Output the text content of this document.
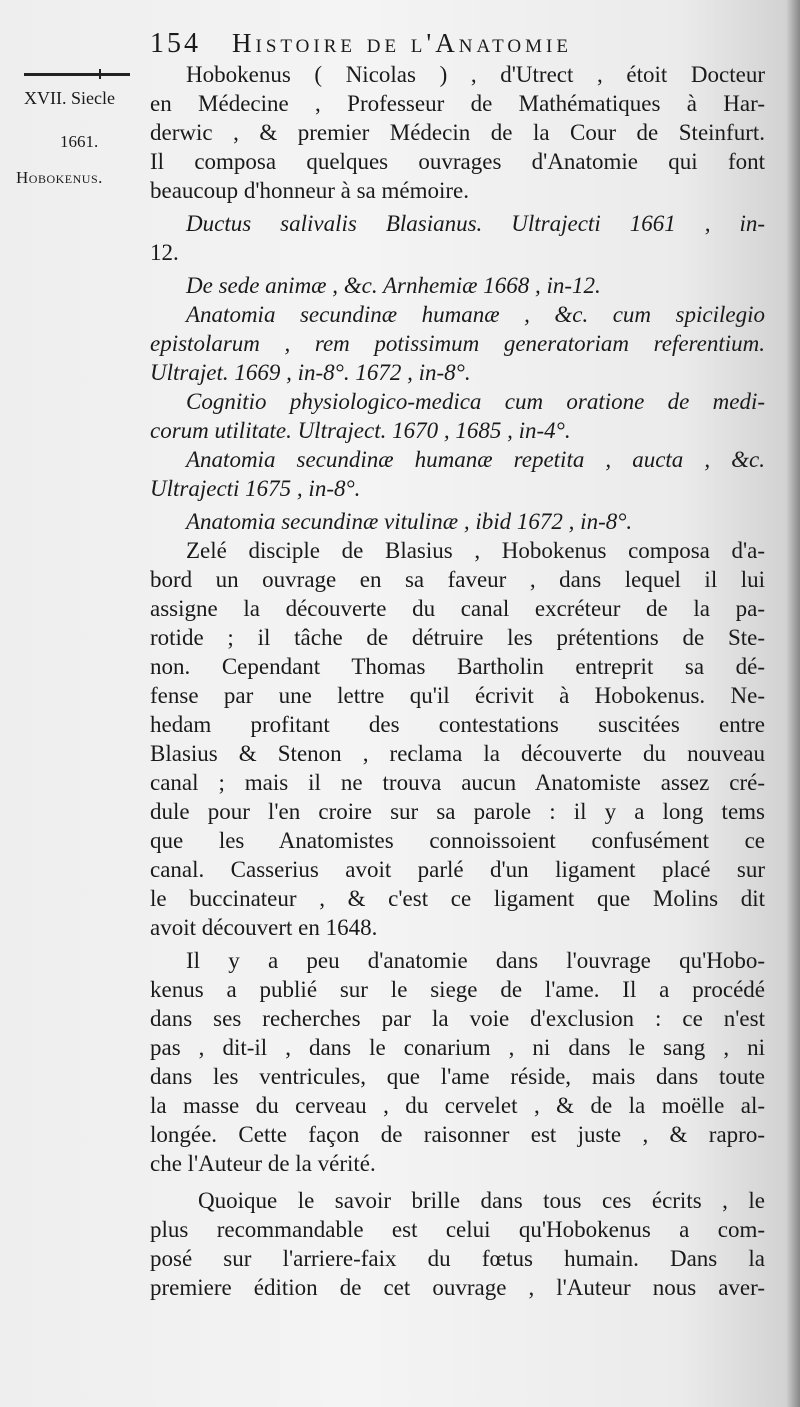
154 Histoire de l'Anatomie
XVII. Siecle
1661.
Hobokenus.
Hobokenus ( Nicolas ) , d'Utrect , étoit Docteur
en Médecine , Professeur de Mathématiques à Har-
derwic , & premier Médecin de la Cour de Steinfurt.
Il composa quelques ouvrages d'Anatomie qui font
beaucoup d'honneur à sa mémoire.
Ductus salivalis Blasianus. Ultrajecti 1661 , in-
12.
De sede animæ , &c. Arnhemiæ 1668 , in-12.
Anatomia secundinæ humanæ , &c. cum spicilegio
epistolarum , rem potissimum generatoriam referentium.
Ultrajet. 1669 , in-8°. 1672 , in-8°.
Cognitio physiologico-medica cum oratione de medi-
corum utilitate. Ultraject. 1670 , 1685 , in-4°.
Anatomia secundinæ humanæ repetita , aucta , &c.
Ultrajecti 1675 , in-8°.
Anatomia secundinæ vitulinæ , ibid 1672 , in-8°.
Zelé disciple de Blasius , Hobokenus composa d'a-
bord un ouvrage en sa faveur , dans lequel il lui
assigne la découverte du canal excréteur de la pa-
rotide ; il tâche de détruire les prétentions de Ste-
non. Cependant Thomas Bartholin entreprit sa dé-
fense par une lettre qu'il écrivit à Hobokenus. Ne-
hedam profitant des contestations suscitées entre
Blasius & Stenon , reclama la découverte du nouveau
canal ; mais il ne trouva aucun Anatomiste assez cré-
dule pour l'en croire sur sa parole : il y a long tems
que les Anatomistes connoissoient confusément ce
canal. Casserius avoit parlé d'un ligament placé sur
le buccinateur , & c'est ce ligament que Molins dit
avoit découvert en 1648.
Il y a peu d'anatomie dans l'ouvrage qu'Hobo-
kenus a publié sur le siege de l'ame. Il a procédé
dans ses recherches par la voie d'exclusion : ce n'est
pas , dit-il , dans le conarium , ni dans le sang , ni
dans les ventricules, que l'ame réside, mais dans toute
la masse du cerveau , du cervelet , & de la moëlle al-
longée. Cette façon de raisonner est juste , & rapro-
che l'Auteur de la vérité.
Quoique le savoir brille dans tous ces écrits , le
plus recommandable est celui qu'Hobokenus a com-
posé sur l'arriere-faix du fœtus humain. Dans la
premiere édition de cet ouvrage , l'Auteur nous aver-
